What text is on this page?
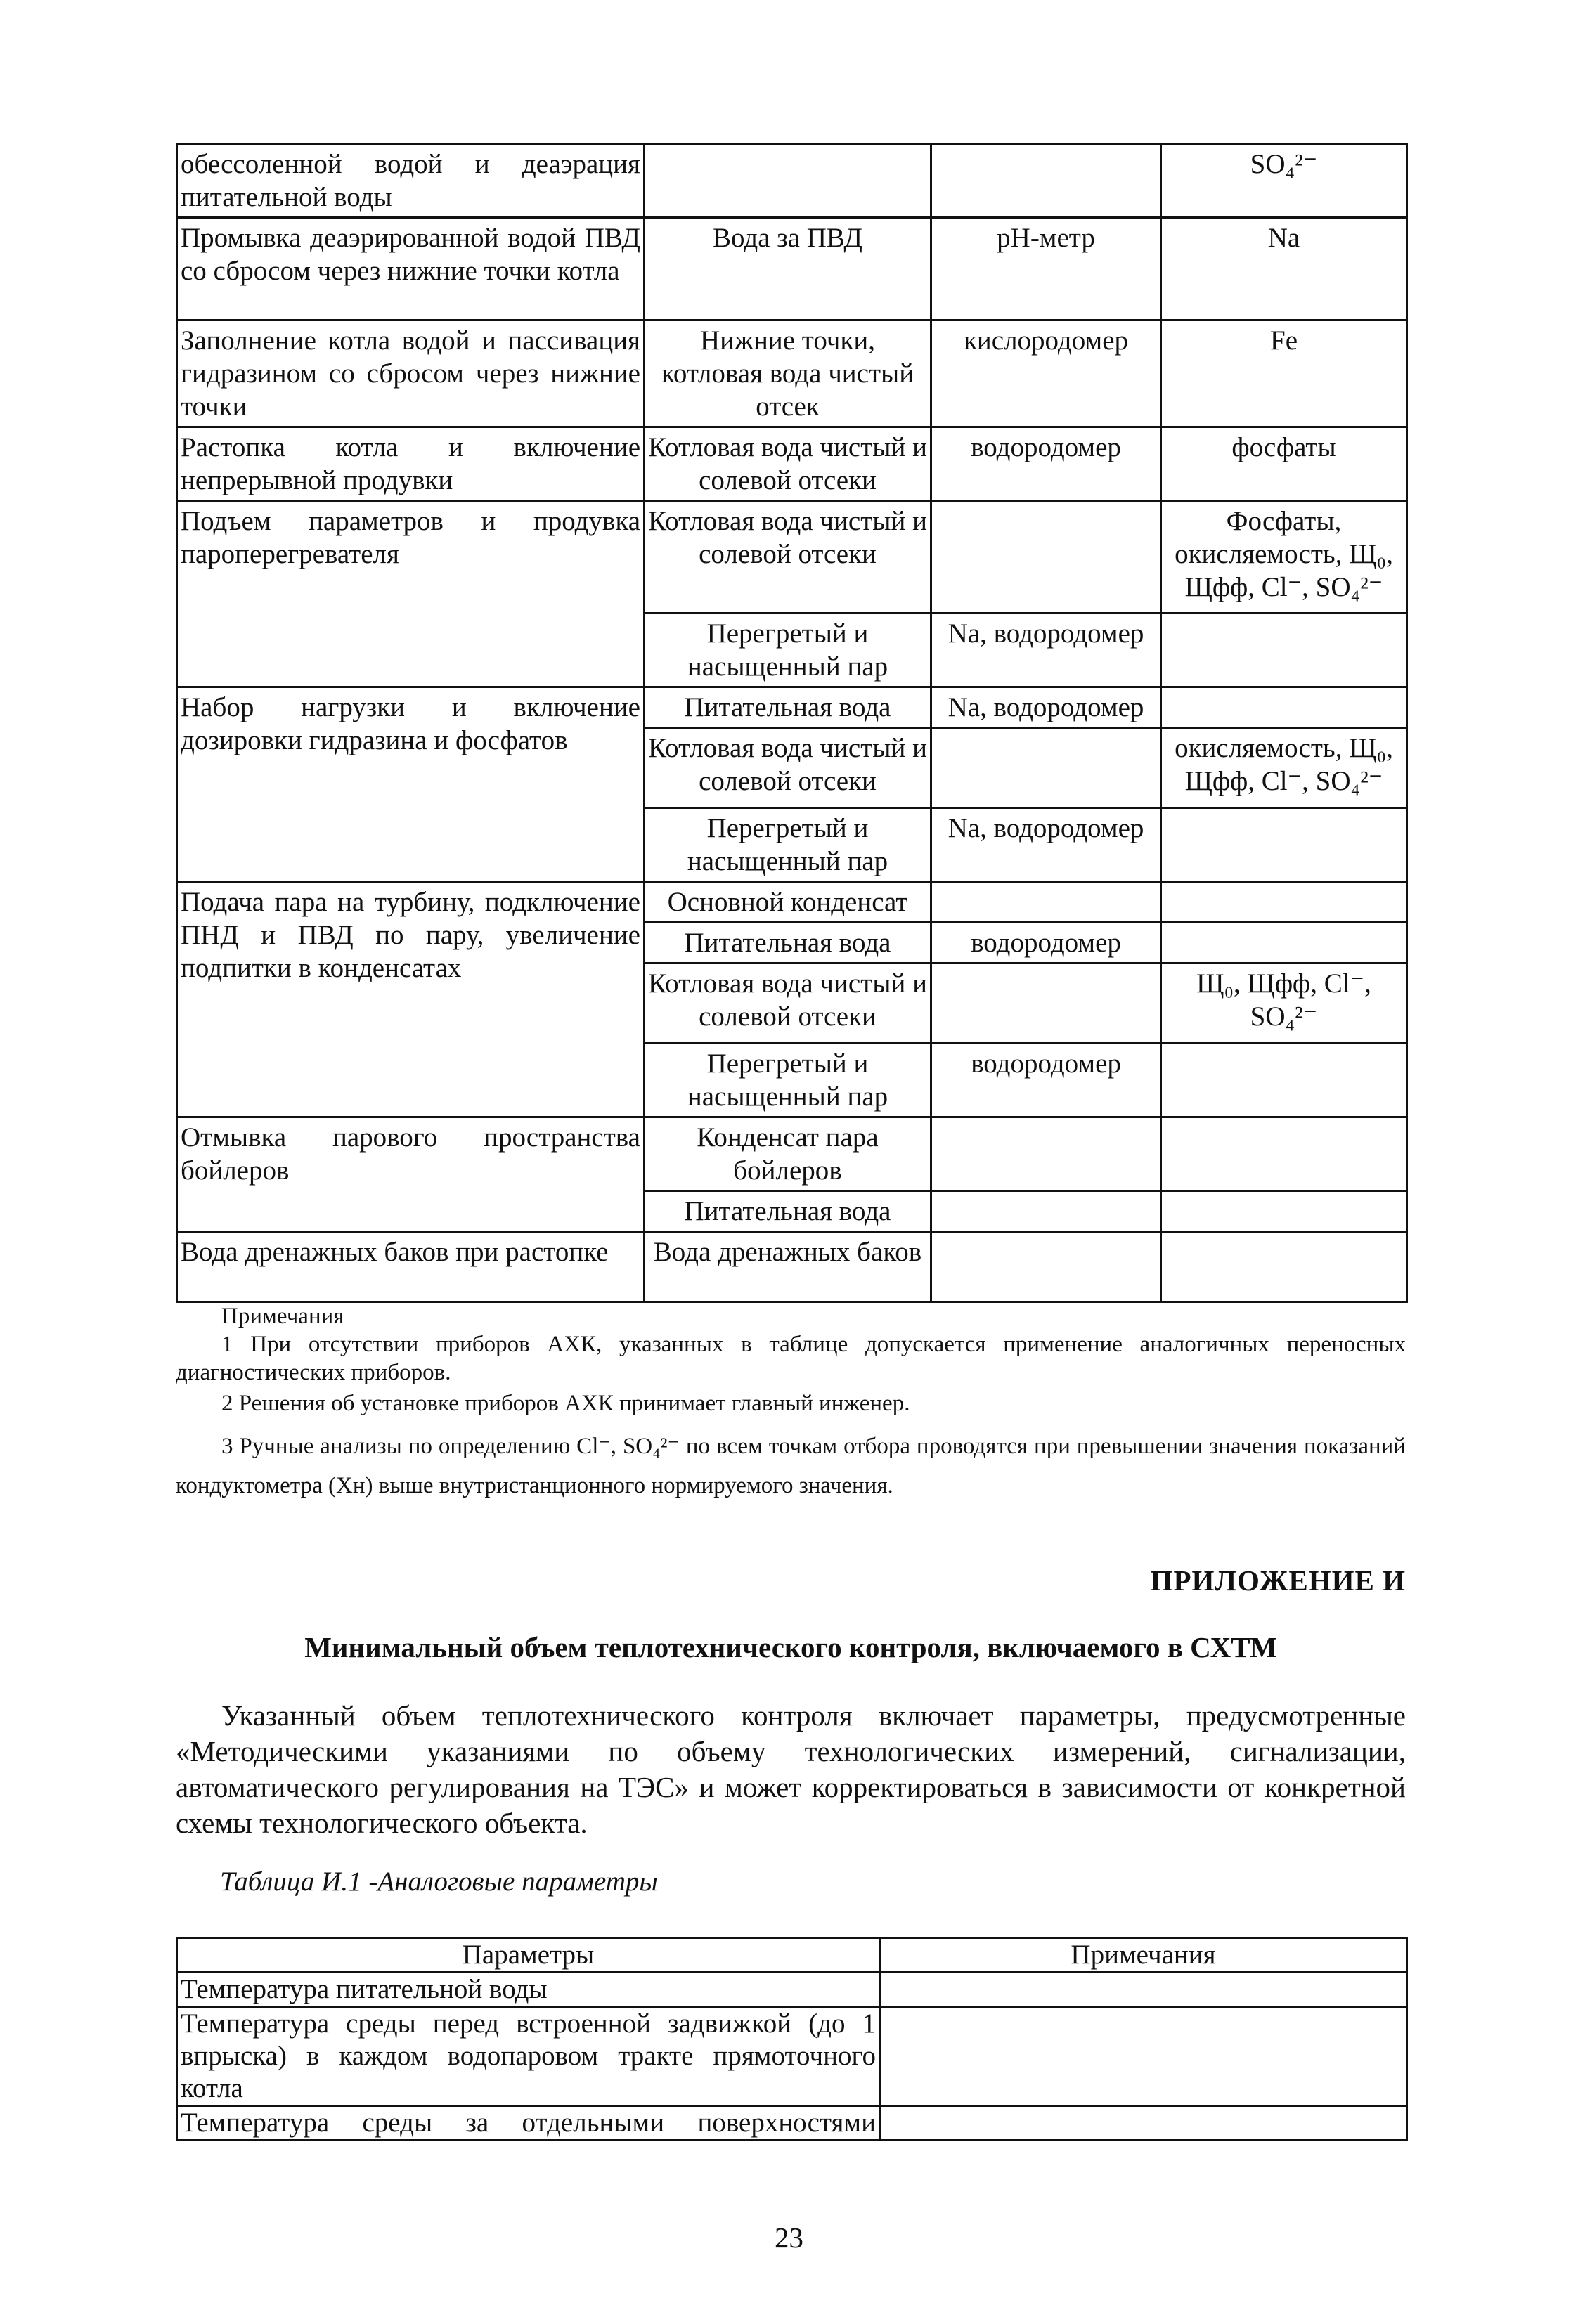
обессоленной водой и деаэрация питательной воды			SO₄²⁻
Промывка деаэрированной водой ПВД со сбросом через нижние точки котла	Вода за ПВД	pH-метр	Na
Заполнение котла водой и пассивация гидразином со сбросом через нижние точки	Нижние точки, котловая вода чистый отсек	кислородомер	Fe
Растопка котла и включение непрерывной продувки	Котловая вода чистый и солевой отсеки	водородомер	фосфаты
Подъем параметров и продувка пароперегревателя	Котловая вода чистый и солевой отсеки		Фосфаты, окисляемость, Щ₀, Щфф, Cl⁻, SO₄²⁻
	Перегретый и насыщенный пар	Na, водородомер	
Набор нагрузки и включение дозировки гидразина и фосфатов	Питательная вода	Na, водородомер	
	Котловая вода чистый и солевой отсеки		окисляемость, Щ₀, Щфф, Cl⁻, SO₄²⁻
	Перегретый и насыщенный пар	Na, водородомер	
Подача пара на турбину, подключение ПНД и ПВД по пару, увеличение подпитки в конденсатах	Основной конденсат		
	Питательная вода	водородомер	
	Котловая вода чистый и солевой отсеки		Щ₀, Щфф, Cl⁻, SO₄²⁻
	Перегретый и насыщенный пар	водородомер	
Отмывка парового пространства бойлеров	Конденсат пара бойлеров		
	Питательная вода		
Вода дренажных баков при растопке	Вода дренажных баков		
Примечания
1 При отсутствии приборов АХК, указанных в таблице допускается применение аналогичных переносных диагностических приборов.
2 Решения об установке приборов АХК принимает главный инженер.
3 Ручные анализы по определению Cl⁻, SO₄²⁻ по всем точкам отбора проводятся при превышении значения показаний кондуктометра (Хн) выше внутристанционного нормируемого значения.
ПРИЛОЖЕНИЕ И
Минимальный объем теплотехнического контроля, включаемого в СХТМ
Указанный объем теплотехнического контроля включает параметры, предусмотренные «Методическими указаниями по объему технологических измерений, сигнализации, автоматического регулирования на ТЭС» и может корректироваться в зависимости от конкретной схемы технологического объекта.
Таблица И.1 -Аналоговые параметры
Параметры	Примечания
Температура питательной воды	
Температура среды перед встроенной задвижкой (до 1 впрыска) в каждом водопаровом тракте прямоточного котла	
Температура среды за отдельными поверхностями	
23
